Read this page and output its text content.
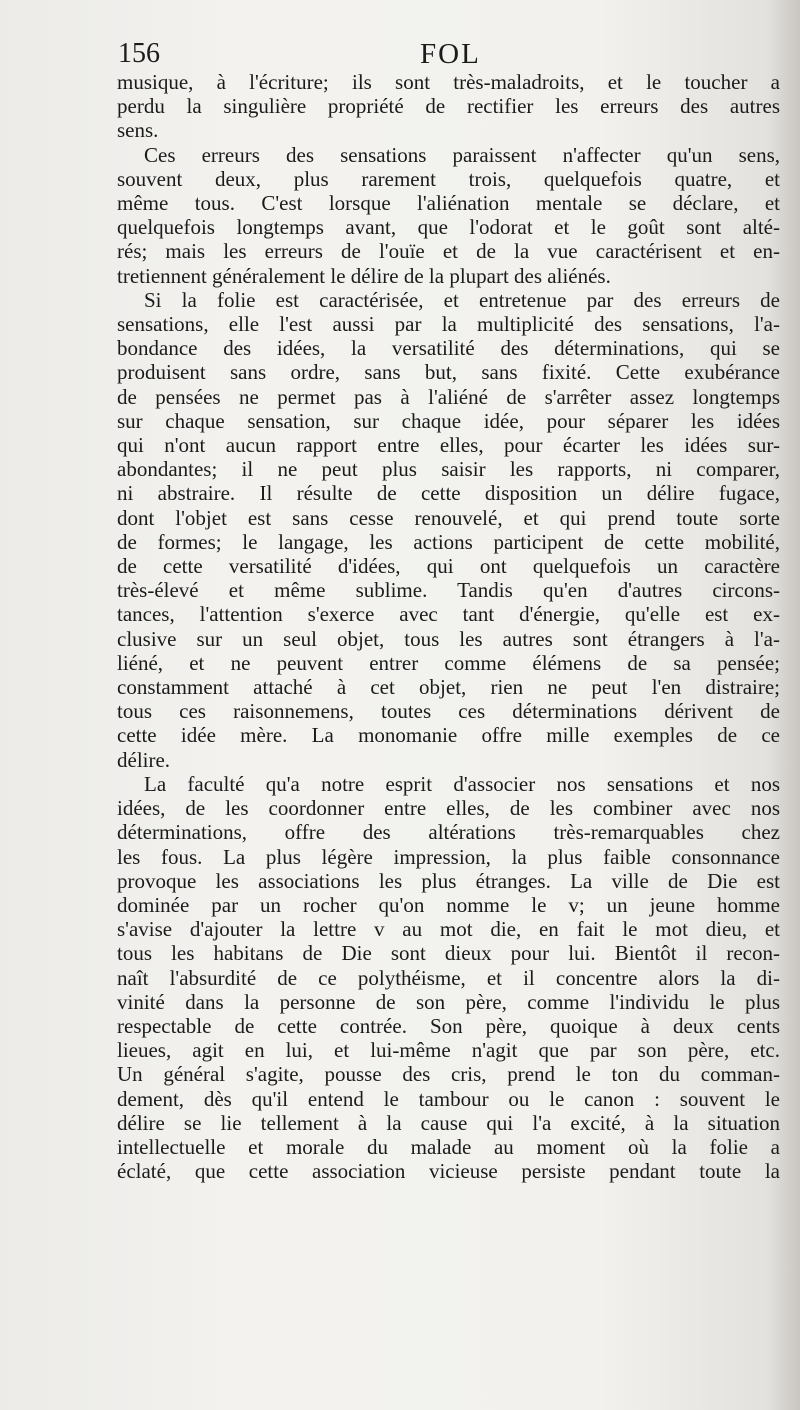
156	FOL
musique, à l'écriture; ils sont très-maladroits, et le toucher a
perdu la singulière propriété de rectifier les erreurs des autres
sens.
Ces erreurs des sensations paraissent n'affecter qu'un sens,
souvent deux, plus rarement trois, quelquefois quatre, et
même tous. C'est lorsque l'aliénation mentale se déclare, et
quelquefois longtemps avant, que l'odorat et le goût sont alté-
rés; mais les erreurs de l'ouïe et de la vue caractérisent et en-
tretiennent généralement le délire de la plupart des aliénés.
Si la folie est caractérisée, et entretenue par des erreurs de
sensations, elle l'est aussi par la multiplicité des sensations, l'a-
bondance des idées, la versatilité des déterminations, qui se
produisent sans ordre, sans but, sans fixité. Cette exubérance
de pensées ne permet pas à l'aliéné de s'arrêter assez longtemps
sur chaque sensation, sur chaque idée, pour séparer les idées
qui n'ont aucun rapport entre elles, pour écarter les idées sur-
abondantes; il ne peut plus saisir les rapports, ni comparer,
ni abstraire. Il résulte de cette disposition un délire fugace,
dont l'objet est sans cesse renouvelé, et qui prend toute sorte
de formes; le langage, les actions participent de cette mobilité,
de cette versatilité d'idées, qui ont quelquefois un caractère
très-élevé et même sublime. Tandis qu'en d'autres circons-
tances, l'attention s'exerce avec tant d'énergie, qu'elle est ex-
clusive sur un seul objet, tous les autres sont étrangers à l'a-
liéné, et ne peuvent entrer comme élémens de sa pensée;
constamment attaché à cet objet, rien ne peut l'en distraire;
tous ces raisonnemens, toutes ces déterminations dérivent de
cette idée mère. La monomanie offre mille exemples de ce
délire.
La faculté qu'a notre esprit d'associer nos sensations et nos
idées, de les coordonner entre elles, de les combiner avec nos
déterminations, offre des altérations très-remarquables chez
les fous. La plus légère impression, la plus faible consonnance
provoque les associations les plus étranges. La ville de Die est
dominée par un rocher qu'on nomme le v; un jeune homme
s'avise d'ajouter la lettre v au mot die, en fait le mot dieu, et
tous les habitans de Die sont dieux pour lui. Bientôt il recon-
naît l'absurdité de ce polythéisme, et il concentre alors la di-
vinité dans la personne de son père, comme l'individu le plus
respectable de cette contrée. Son père, quoique à deux cents
lieues, agit en lui, et lui-même n'agit que par son père, etc.
Un général s'agite, pousse des cris, prend le ton du comman-
dement, dès qu'il entend le tambour ou le canon : souvent le
délire se lie tellement à la cause qui l'a excité, à la situation
intellectuelle et morale du malade au moment où la folie a
éclaté, que cette association vicieuse persiste pendant toute la
